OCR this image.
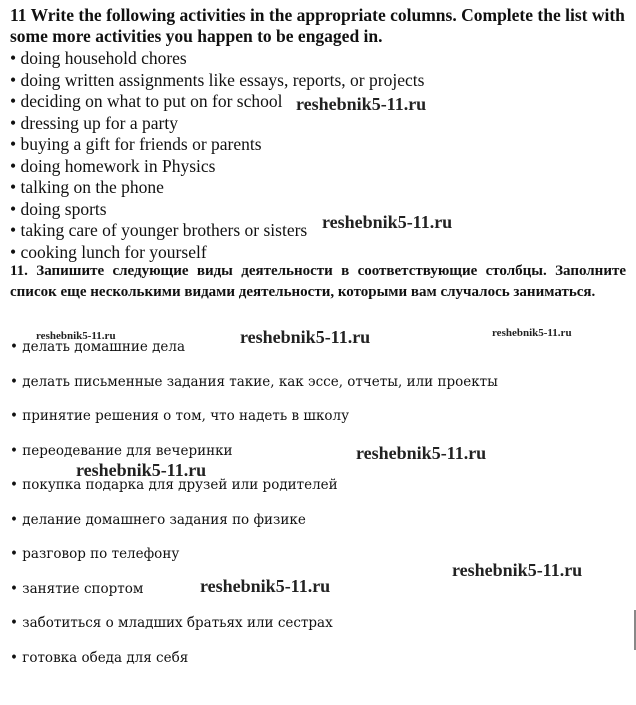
11 Write the following activities in the appropriate columns. Complete the list with some more activities you happen to be engaged in.
• doing household chores
• doing written assignments like essays, reports, or projects
• deciding on what to put on for school
• dressing up for a party
• buying a gift for friends or parents
• doing homework in Physics
• talking on the phone
• doing sports
• taking care of younger brothers or sisters
• cooking lunch for yourself

11. Запишите следующие виды деятельности в соответствующие столбцы. Заполните список еще несколькими видами деятельности, которыми вам случалось заниматься.

• делать домашние дела
• делать письменные задания такие, как эссе, отчеты, или проекты
• принятие решения о том, что надеть в школу
• переодевание для вечеринки
• покупка подарка для друзей или родителей
• делание домашнего задания по физике
• разговор по телефону
• занятие спортом
• заботиться о младших братьях или сестрах
• готовка обеда для себя
reshebnik5-11.ru
reshebnik5-11.ru
reshebnik5-11.ru	reshebnik5-11.ru	reshebnik5-11.ru
reshebnik5-11.ru
reshebnik5-11.ru
reshebnik5-11.ru
reshebnik5-11.ru
